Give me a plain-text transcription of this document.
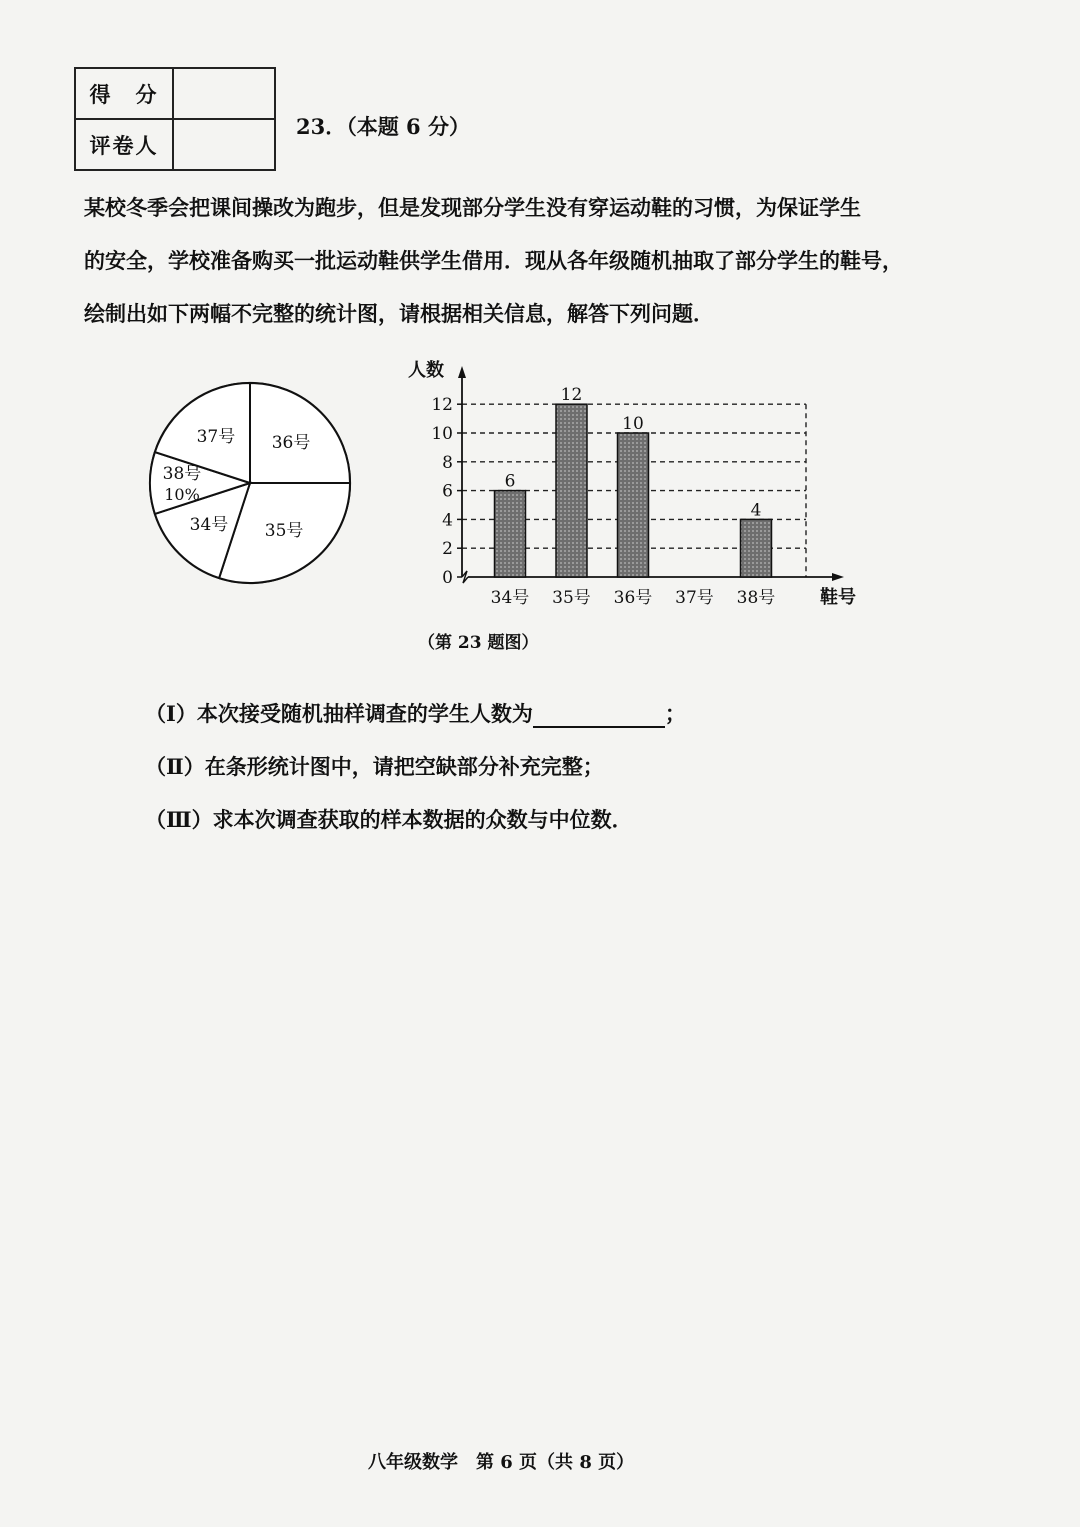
得　分	
评卷人	
23．（本题 6 分）
某校冬季会把课间操改为跑步，但是发现部分学生没有穿运动鞋的习惯，为保证学生
的安全，学校准备购买一批运动鞋供学生借用．现从各年级随机抽取了部分学生的鞋号，
绘制出如下两幅不完整的统计图，请根据相关信息，解答下列问题．
36号
35号
34号
38号
10%
37号
0
2
4
6
8
10
12
人数
鞋号
6
34号
12
35号
10
36号 37号
4
38号
（第 23 题图）
（Ⅰ）本次接受随机抽样调查的学生人数为	；
（Ⅱ）在条形统计图中，请把空缺部分补充完整；
（Ⅲ）求本次调查获取的样本数据的众数与中位数．
八年级数学　第 6 页（共 8 页）
